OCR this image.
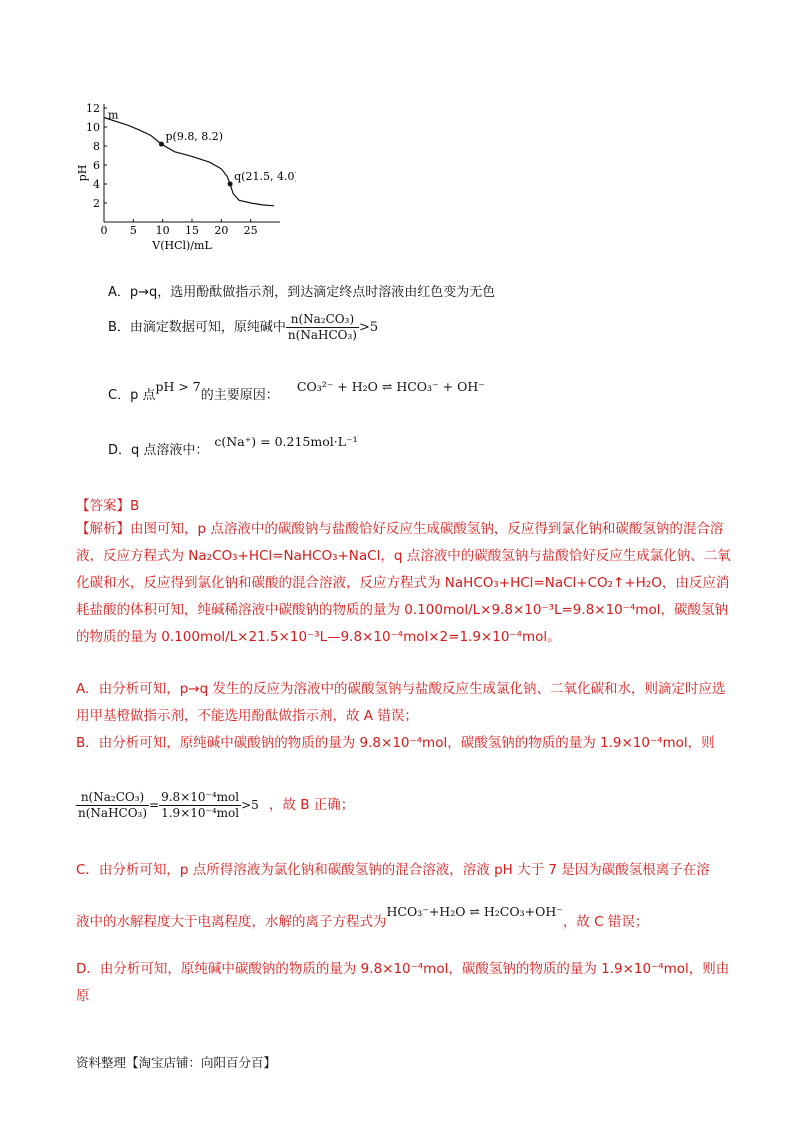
0 5 10 15 20 25
2
4
6
8
10
12
V(HCl)/mL
pH
m
p(9.8, 8.2)
q(21.5, 4.0)
A．p→q，选用酚酞做指示剂，到达滴定终点时溶液由红色变为无色
B．由滴定数据可知，原纯碱中 $\frac{\text{n(Na₂CO₃)}}{\text{n(NaHCO₃)}} >5$
C．p 点pH > 7的主要原因： CO₃²⁻ + H₂O ⇌ HCO₃⁻ + OH⁻
D．q 点溶液中：c(Na⁺) = 0.215mol·L⁻¹
【答案】B
【解析】由图可知，p 点溶液中的碳酸钠与盐酸恰好反应生成碳酸氢钠，反应得到氯化钠和碳酸氢钠的混合溶液，反应方程式为 Na₂CO₃+HCl=NaHCO₃+NaCl，q 点溶液中的碳酸氢钠与盐酸恰好反应生成氯化钠、二氧化碳和水，反应得到氯化钠和碳酸的混合溶液，反应方程式为 NaHCO₃+HCl=NaCl+CO₂↑+H₂O，由反应消耗盐酸的体积可知，纯碱稀溶液中碳酸钠的物质的量为 0.100mol/L×9.8×10⁻³L=9.8×10⁻⁴mol，碳酸氢钠的物质的量为 0.100mol/L×21.5×10⁻³L—9.8×10⁻⁴mol×2=1.9×10⁻⁴mol。
A．由分析可知，p→q 发生的反应为溶液中的碳酸氢钠与盐酸反应生成氯化钠、二氧化碳和水，则滴定时应选用甲基橙做指示剂，不能选用酚酞做指示剂，故 A 错误；
B．由分析可知，原纯碱中碳酸钠的物质的量为 9.8×10⁻⁴mol，碳酸氢钠的物质的量为 1.9×10⁻⁴mol，则
$\frac{\text{n(Na₂CO₃)}}{\text{n(NaHCO₃)}} = \frac{\text{9.8×10⁻⁴mol}}{\text{1.9×10⁻⁴mol}} >5$ ，故 B 正确；
C．由分析可知，p 点所得溶液为氯化钠和碳酸氢钠的混合溶液，溶液 pH 大于 7 是因为碳酸氢根离子在溶
液中的水解程度大于电离程度，水解的离子方程式为HCO₃⁻+H₂O ⇌ H₂CO₃+OH⁻，故 C 错误；
D．由分析可知，原纯碱中碳酸钠的物质的量为 9.8×10⁻⁴mol，碳酸氢钠的物质的量为 1.9×10⁻⁴mol，则由原
资料整理【淘宝店铺：向阳百分百】
